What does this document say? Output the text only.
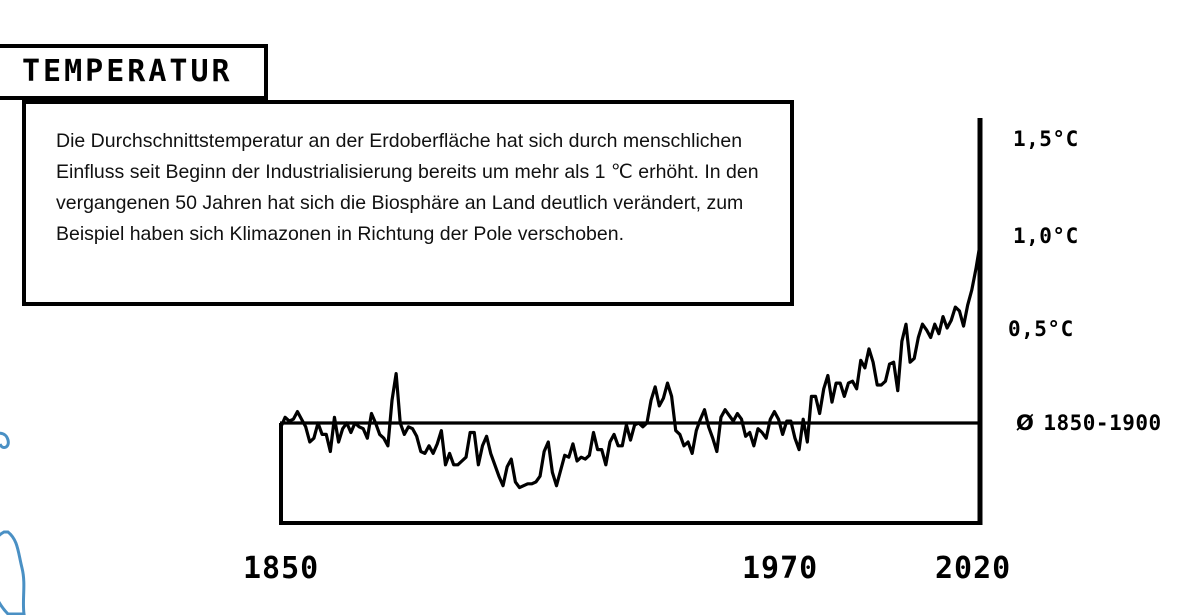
TEMPERATUR

Die Durchschnittstemperatur an der Erdoberfläche hat sich durch menschlichen Einfluss seit Beginn der Industrialisierung bereits um mehr als 1 ℃ erhöht. In den vergangenen 50 Jahren hat sich die Biosphäre an Land deutlich verändert, zum Beispiel haben sich Klimazonen in Richtung der Pole verschoben.

1,5°C
1,0°C
0,5°C
Ø 1850-1900
1850	1970	2020
